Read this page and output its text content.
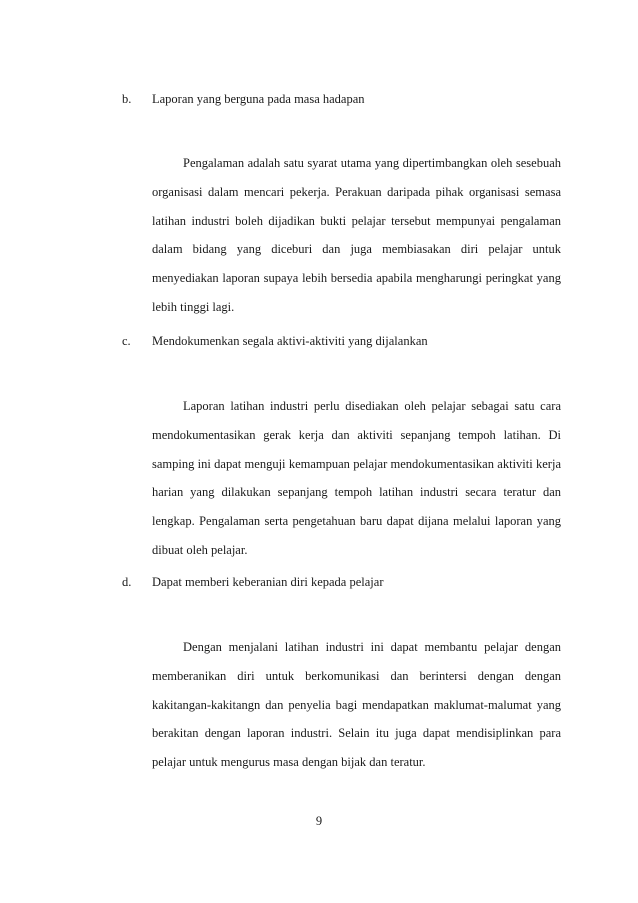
b. Laporan yang berguna pada masa hadapan

Pengalaman adalah satu syarat utama yang dipertimbangkan oleh sesebuah organisasi dalam mencari pekerja. Perakuan daripada pihak organisasi semasa latihan industri boleh dijadikan bukti pelajar tersebut mempunyai pengalaman dalam bidang yang diceburi dan juga membiasakan diri pelajar untuk menyediakan laporan supaya lebih bersedia apabila mengharungi peringkat yang lebih tinggi lagi.

c. Mendokumenkan segala aktivi-aktiviti yang dijalankan

Laporan latihan industri perlu disediakan oleh pelajar sebagai satu cara mendokumentasikan gerak kerja dan aktiviti sepanjang tempoh latihan. Di samping ini dapat menguji kemampuan pelajar mendokumentasikan aktiviti kerja harian yang dilakukan sepanjang tempoh latihan industri secara teratur dan lengkap. Pengalaman serta pengetahuan baru dapat dijana melalui laporan yang dibuat oleh pelajar.

d. Dapat memberi keberanian diri kepada pelajar

Dengan menjalani latihan industri ini dapat membantu pelajar dengan memberanikan diri untuk berkomunikasi dan berintersi dengan dengan kakitangan-kakitangn dan penyelia bagi mendapatkan maklumat-malumat yang berakitan dengan laporan industri. Selain itu juga dapat mendisiplinkan para pelajar untuk mengurus masa dengan bijak dan teratur.

9
